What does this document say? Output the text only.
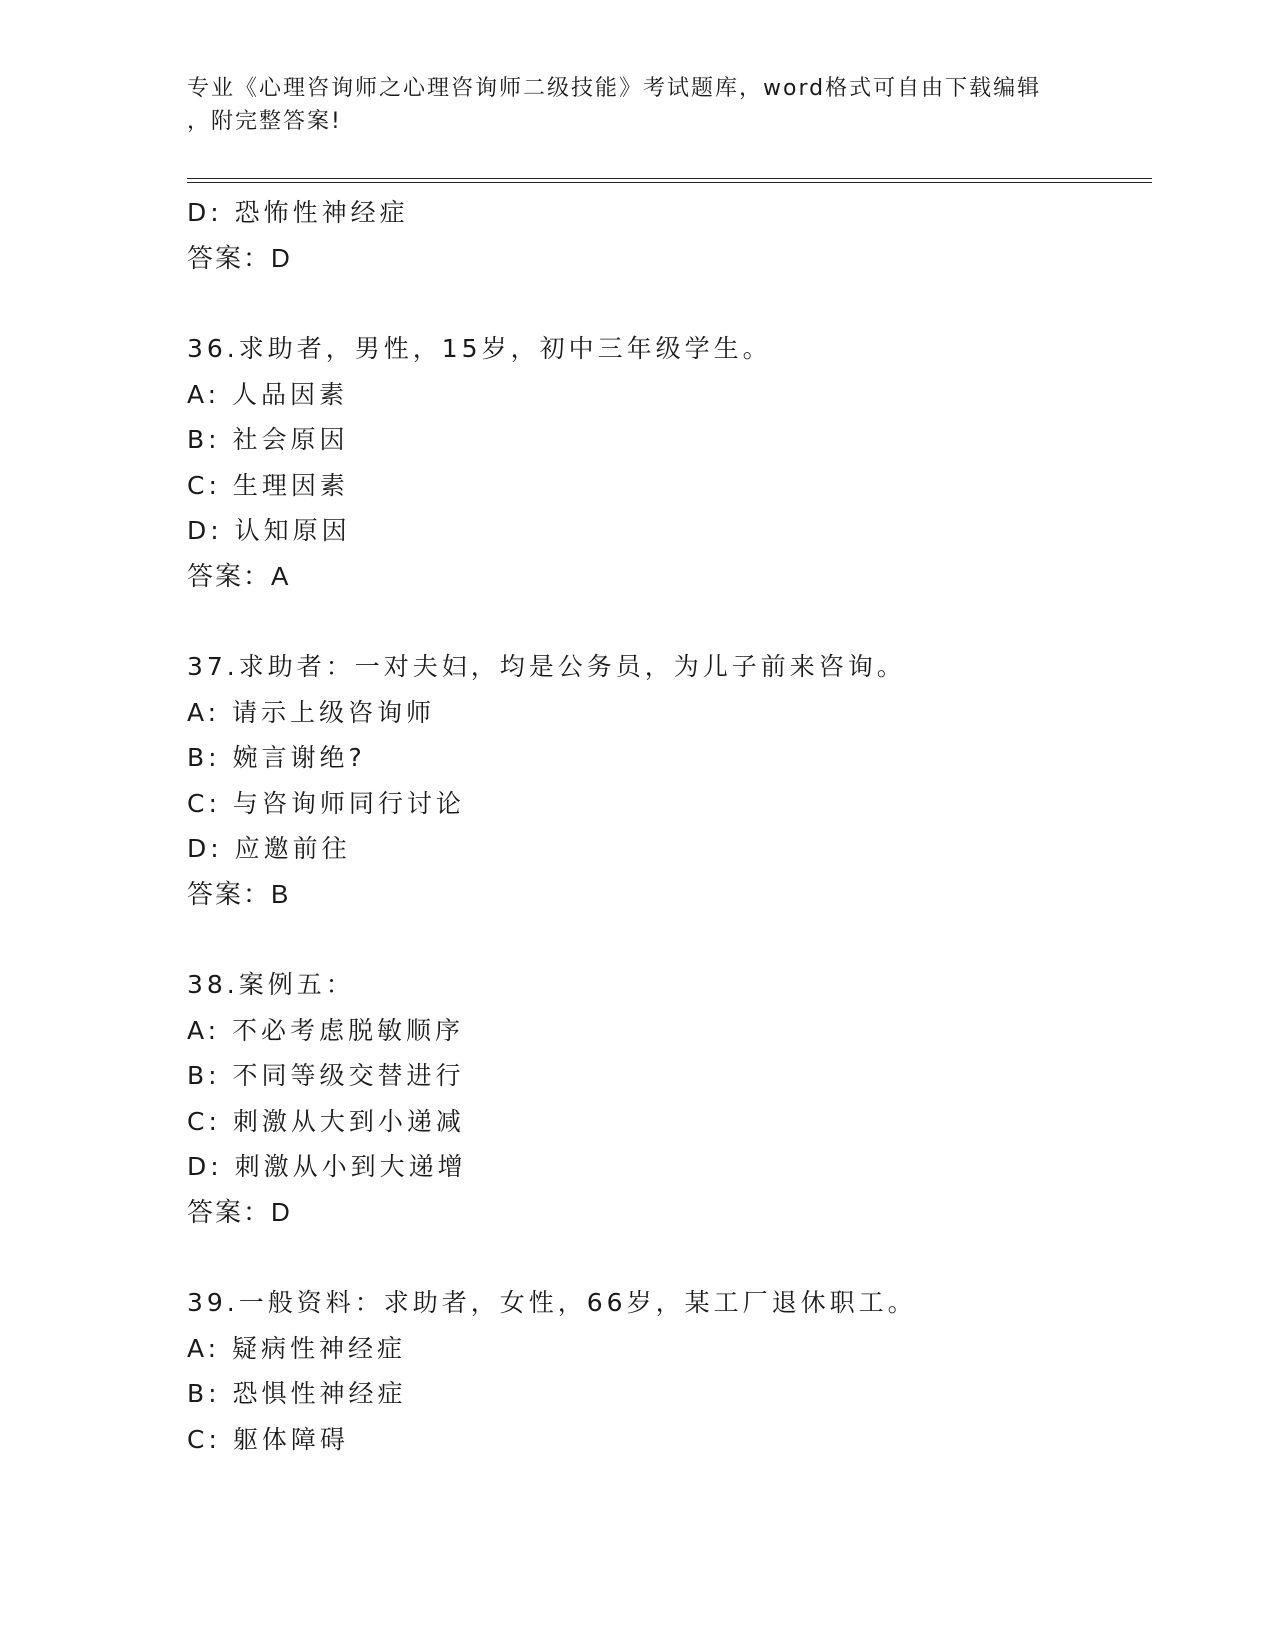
专业《心理咨询师之心理咨询师二级技能》考试题库，word格式可自由下载编辑
，附完整答案!
D: 恐怖性神经症
答案：D
36.求助者，男性，15岁，初中三年级学生。
A: 人品因素
B: 社会原因
C: 生理因素
D: 认知原因
答案：A
37.求助者：一对夫妇，均是公务员，为儿子前来咨询。
A: 请示上级咨询师
B: 婉言谢绝?
C: 与咨询师同行讨论
D: 应邀前往
答案：B
38.案例五：
A: 不必考虑脱敏顺序
B: 不同等级交替进行
C: 刺激从大到小递减
D: 刺激从小到大递增
答案：D
39.一般资料：求助者，女性，66岁，某工厂退休职工。
A: 疑病性神经症
B: 恐惧性神经症
C: 躯体障碍
